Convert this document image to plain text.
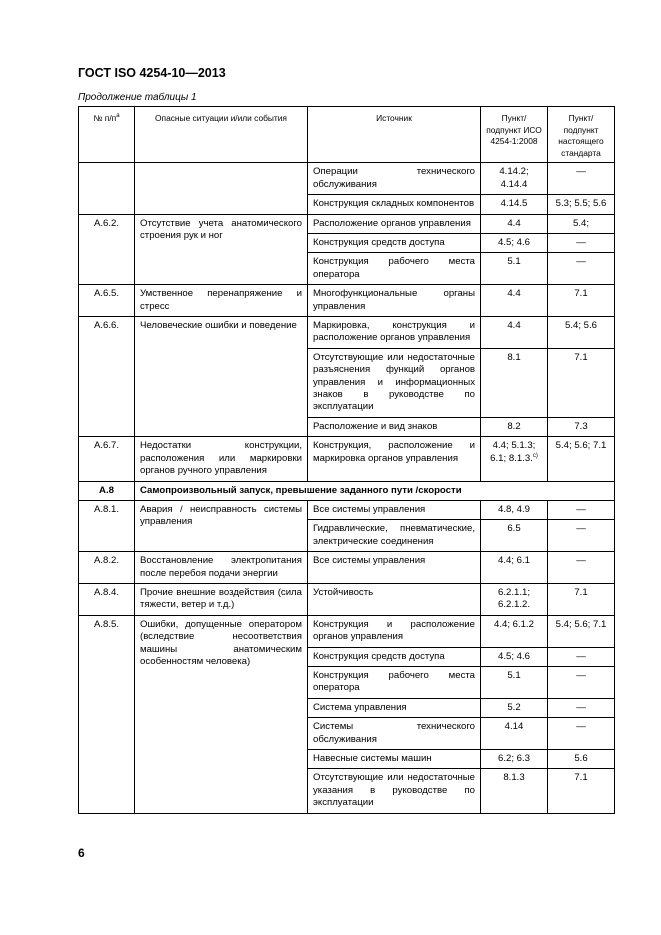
ГОСТ ISO 4254-10—2013
Продолжение таблицы 1
№ $п/п^а$	Опасные ситуации и/или события	Источник	Пункт/ подпункт ИСО 4254-1:2008	Пункт/ подпункт настоящего стандарта
		Операции технического обслуживания	4.14.2; 4.14.4	—
		Конструкция складных компонентов	4.14.5	5.3; 5.5; 5.6
А.6.2.	Отсутствие учета анатомического строения рук и ног	Расположение органов управления	4.4	5.4;
		Конструкция средств доступа	4.5; 4.6	—
		Конструкция рабочего места оператора	5.1	—
А.6.5.	Умственное перенапряжение и стресс	Многофункциональные органы управления	4.4	7.1
А.6.6.	Человеческие ошибки и поведение	Маркировка, конструкция и расположение органов управления	4.4	5.4; 5.6
		Отсутствующие или недостаточные разъяснения функций органов управления и информационных знаков в руководстве по эксплуатации	8.1	7.1
		Расположение и вид знаков	8.2	7.3
А.6.7.	Недостатки конструкции, расположения или маркировки органов ручного управления	Конструкция, расположение и маркировка органов управления	4.4; 5.1.3; 6.1; 8.1.3.$^{c)}$	5.4; 5.6; 7.1
А.8	Самопроизвольный запуск, превышение заданного пути /скорости			
А.8.1.	Авария / неисправность системы управления	Все системы управления	4.8, 4.9	—
		Гидравлические, пневматические, электрические соединения	6.5	—
А.8.2.	Восстановление электропитания после перебоя подачи энергии	Все системы управления	4.4; 6.1	—
А.8.4.	Прочие внешние воздействия (сила тяжести, ветер и т.д.)	Устойчивость	6.2.1.1; 6.2.1.2.	7.1
А.8.5.	Ошибки, допущенные оператором (вследствие несоответствия машины анатомическим особенностям человека)	Конструкция и расположение органов управления	4.4; 6.1.2	5.4; 5.6; 7.1
		Конструкция средств доступа	4.5; 4.6	—
		Конструкция рабочего места оператора	5.1	—
		Система управления	5.2	—
		Системы технического обслуживания	4.14	—
		Навесные системы машин	6.2; 6.3	5.6
		Отсутствующие или недостаточные указания в руководстве по эксплуатации	8.1.3	7.1
6
